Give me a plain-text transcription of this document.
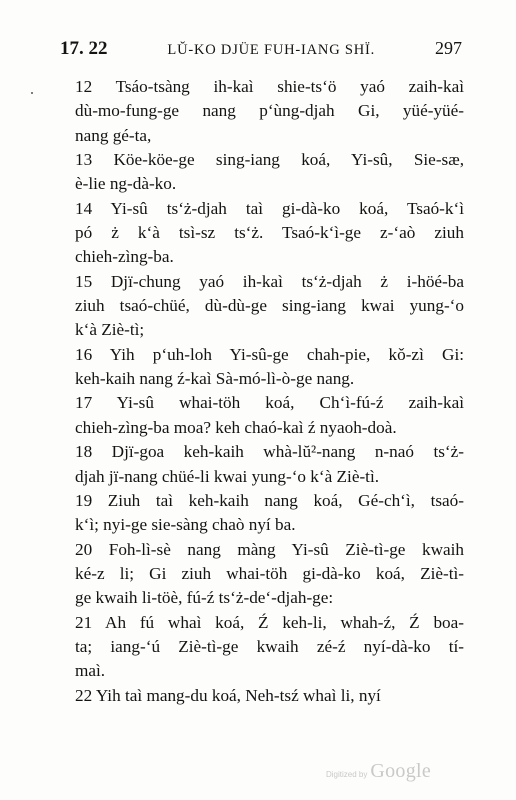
17. 22	LŬ-KO DJÜE FUH-IANG SHÏ.	297

12 Tsáo-tsàng ih-kaì shie-ts‘ö yaó zaih-kaì
dù-mo-fung-ge nang p‘ùng-djah Gi, yüé-yüé-
nang gé-ta,

13 Köe-köe-ge sing-iang koá, Yi-sû, Sie-sæ,
è-lie ng-dà-ko.

14 Yi-sû ts‘ż-djah taì gi-dà-ko koá, Tsaó-k‘ì
pó ż k‘à tsì-sz ts‘ż. Tsaó-k‘ì-ge z-‘aò ziuh
chieh-zìng-ba.

15 Djï-chung yaó ih-kaì ts‘ż-djah ż i-höé-ba
ziuh tsaó-chüé, dù-dù-ge sing-iang kwai yung-‘o
k‘à Ziè-tì;

16 Yih p‘uh-loh Yi-sû-ge chah-pie, kǒ-zì Gi:
keh-kaih nang ź-kaì Sà-mó-lì-ò-ge nang.

17 Yi-sû whai-töh koá, Ch‘ì-fú-ź zaih-kaì
chieh-zìng-ba moa? keh chaó-kaì ź nyaoh-doà.

18 Djï-goa keh-kaih whà-lŭ²-nang n-naó ts‘ż-
djah jï-nang chüé-li kwai yung-‘o k‘à Ziè-tì.

19 Ziuh taì keh-kaih nang koá, Gé-ch‘ì, tsaó-
k‘ì; nyi-ge sie-sàng chaò nyí ba.

20 Foh-lì-sè nang màng Yi-sû Ziè-tì-ge kwaih
ké-z li; Gi ziuh whai-töh gi-dà-ko koá, Ziè-tì-
ge kwaih li-töè, fú-ź ts‘ż-de‘-djah-ge:

21 Ah fú whaì koá, Ź keh-li, whah-ź, Ź boa-
ta; iang-‘ú Ziè-tì-ge kwaih zé-ź nyí-dà-ko tí-
maì.

22 Yih taì mang-du koá, Neh-tsź whaì li, nyí

Digitized by Google
